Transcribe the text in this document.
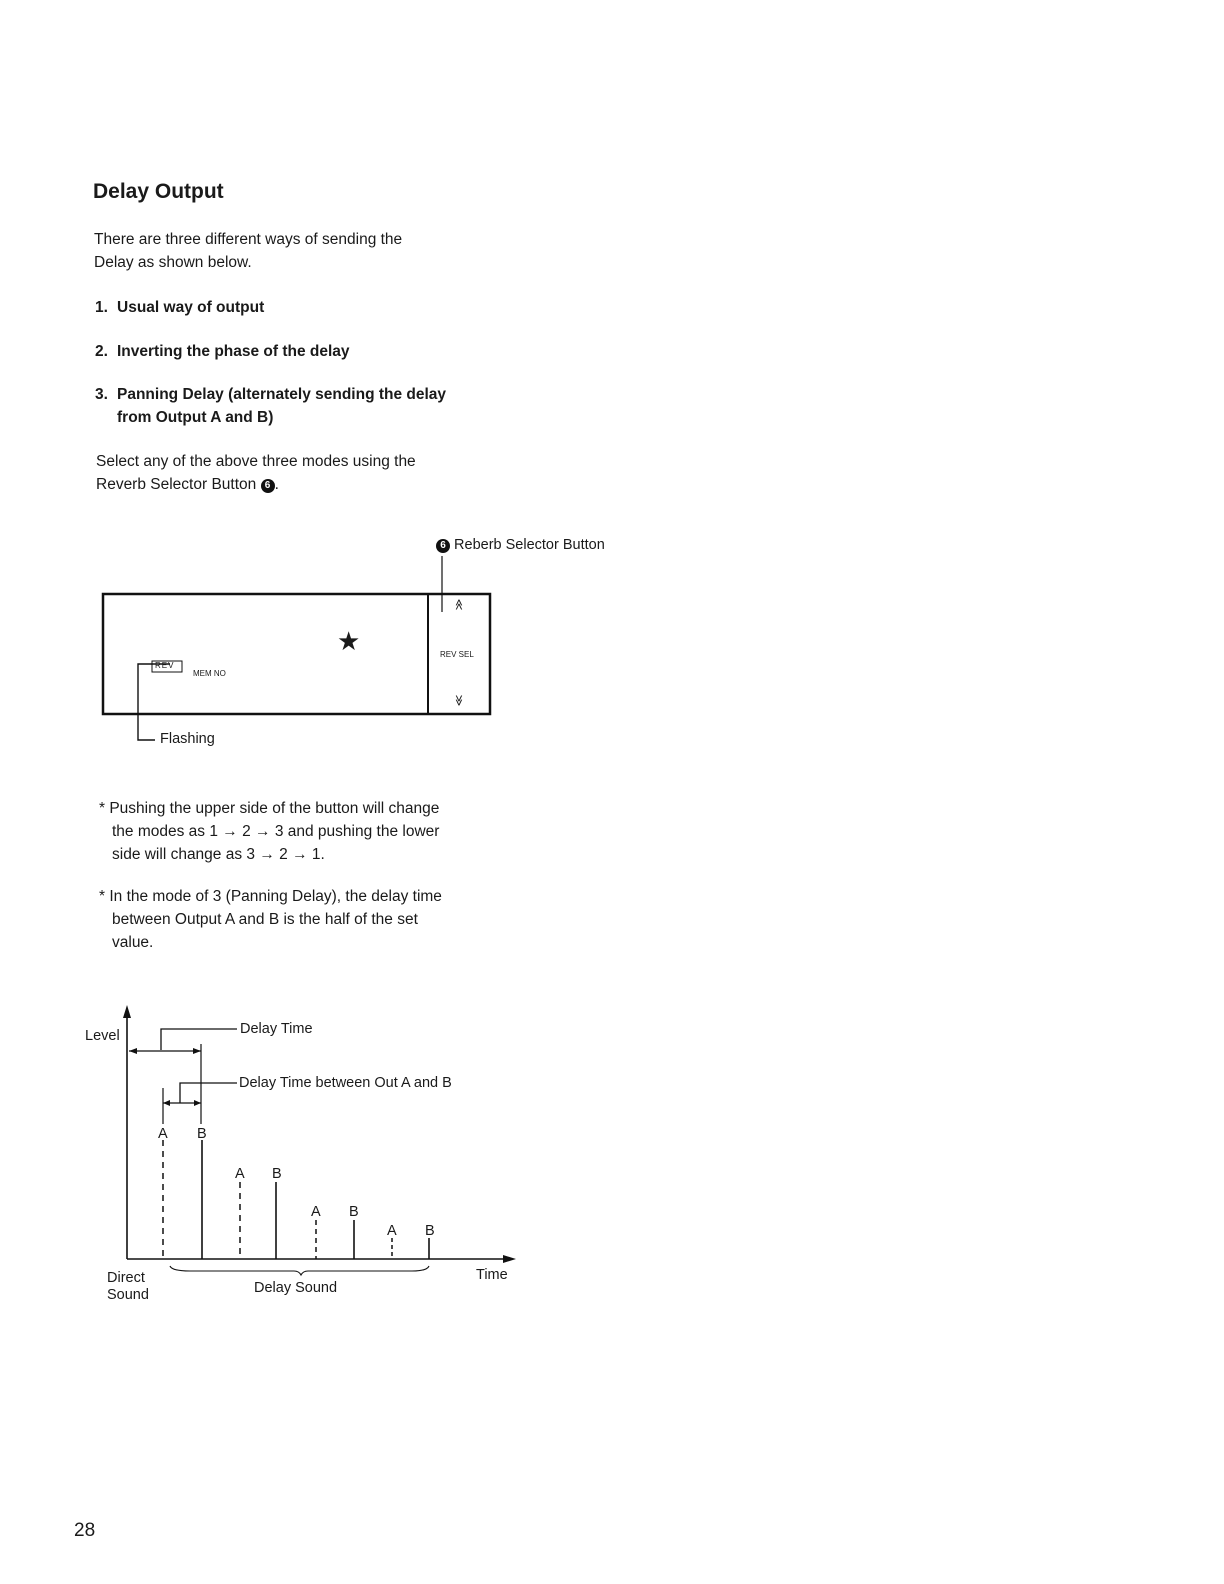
Delay Output
There are three different ways of sending the
Delay as shown below.
1. Usual way of output
2. Inverting the phase of the delay
3. Panning Delay (alternately sending the delay
from Output A and B)
Select any of the above three modes using the
Reverb Selector Button 6 .
6 Reberb Selector Button
★
REV
MEM NO
≪
REV SEL
≫
Flashing
* Pushing the upper side of the button will change
the modes as 1 → 2 → 3 and pushing the lower
side will change as 3 → 2 → 1.
* In the mode of 3 (Panning Delay), the delay time
between Output A and B is the half of the set
value.
Level	Delay Time
Delay Time between Out A and B
A B
A B
A B
A B
Direct
Sound	Delay Sound
Time
28
